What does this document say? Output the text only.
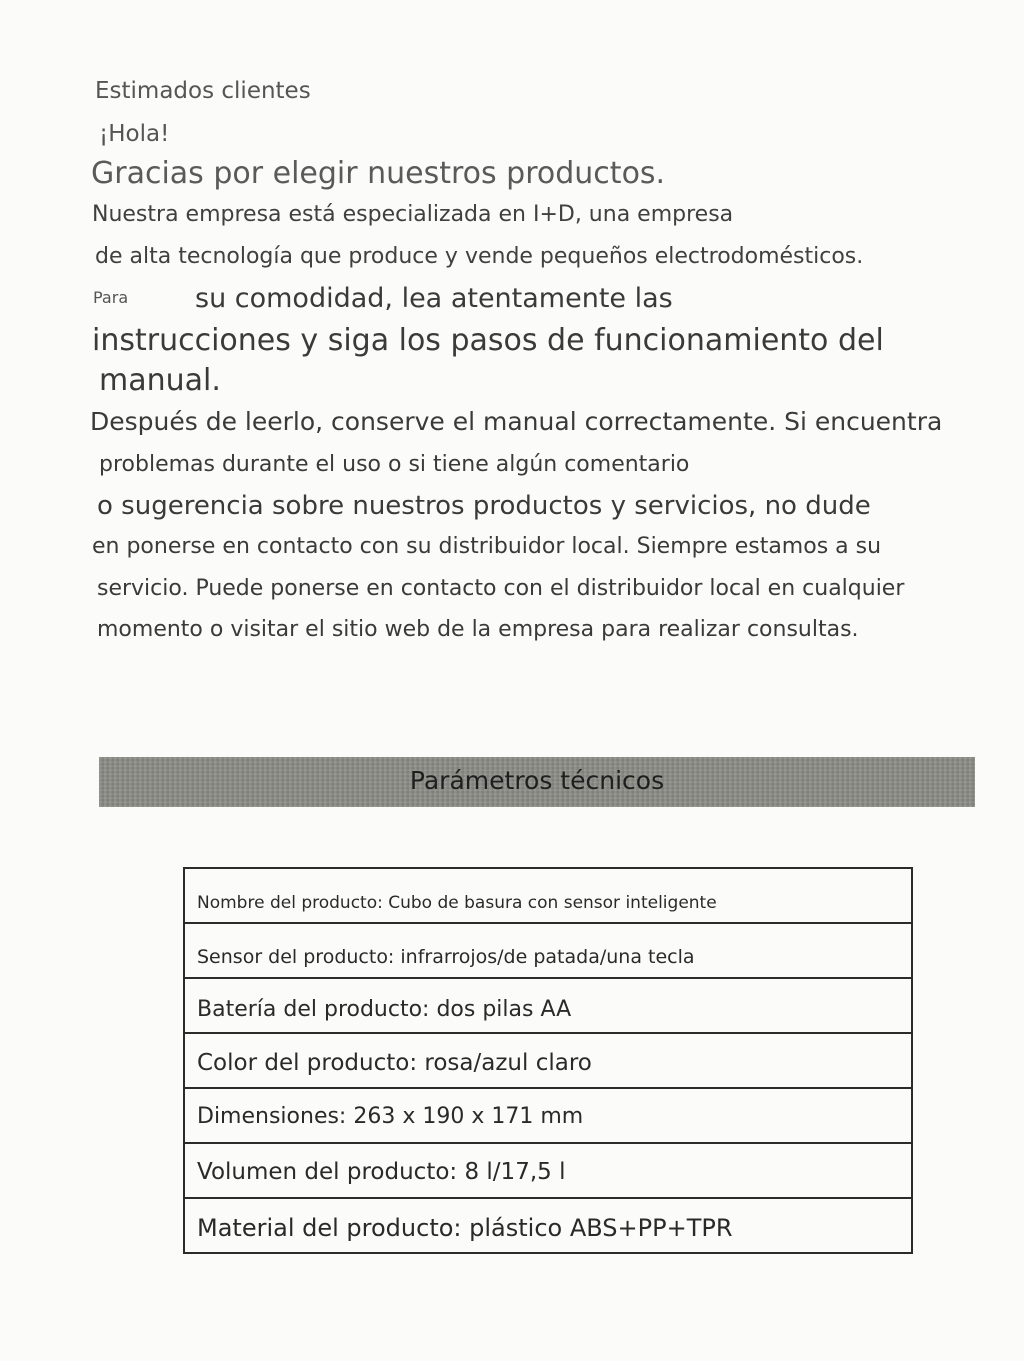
Estimados clientes

¡Hola!

Gracias por elegir nuestros productos.

Nuestra empresa está especializada en I+D, una empresa

de alta tecnología que produce y vende pequeños electrodomésticos.

Para su comodidad, lea atentamente las

instrucciones y siga los pasos de funcionamiento del

manual.

Después de leerlo, conserve el manual correctamente. Si encuentra

problemas durante el uso o si tiene algún comentario

o sugerencia sobre nuestros productos y servicios, no dude

en ponerse en contacto con su distribuidor local. Siempre estamos a su

servicio. Puede ponerse en contacto con el distribuidor local en cualquier

momento o visitar el sitio web de la empresa para realizar consultas.

Parámetros técnicos
Nombre del producto: Cubo de basura con sensor inteligente
Sensor del producto: infrarrojos/de patada/una tecla
Batería del producto: dos pilas AA
Color del producto: rosa/azul claro
Dimensiones: 263 x 190 x 171 mm
Volumen del producto: 8 l/17,5 l
Material del producto: plástico ABS+PP+TPR
